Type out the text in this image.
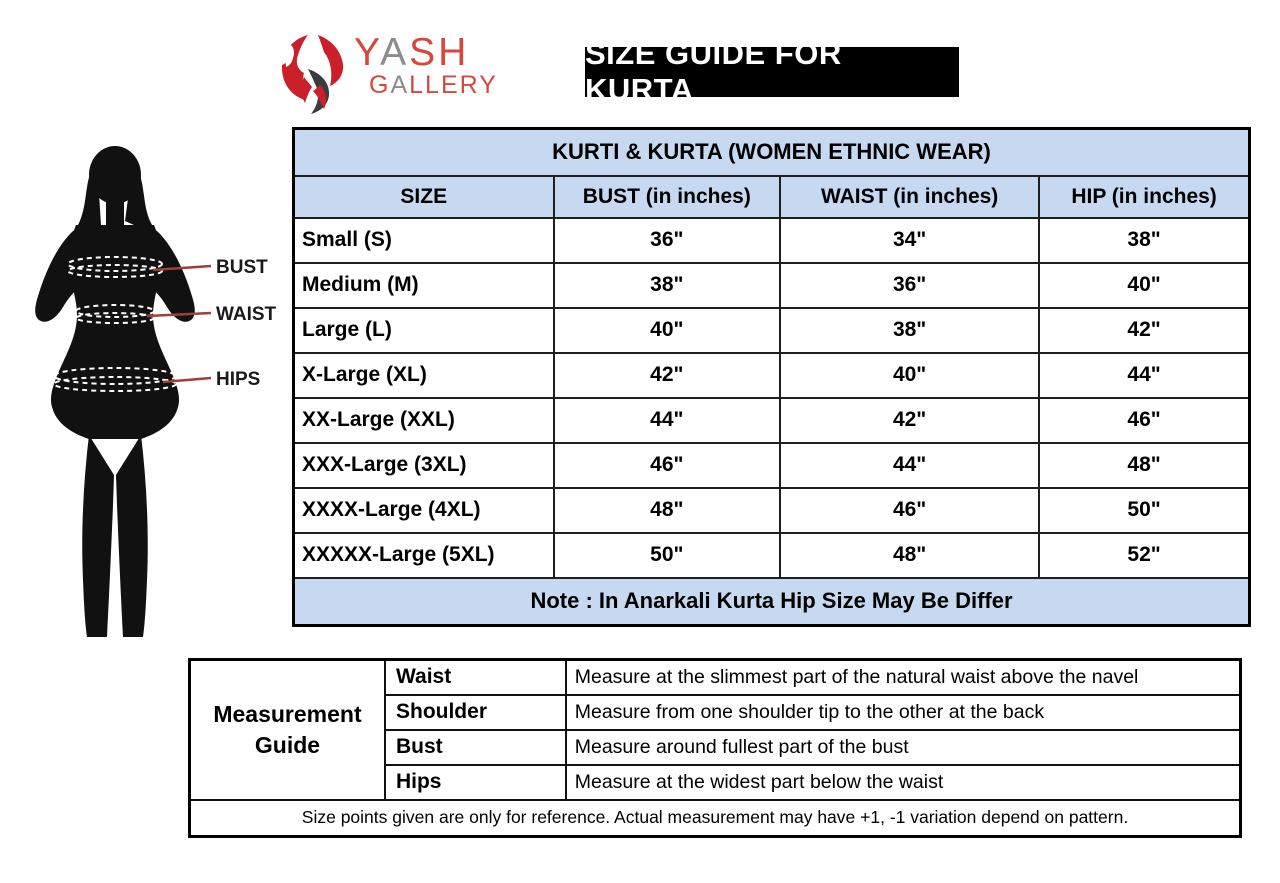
YASH
GALLERY
SIZE GUIDE FOR KURTA
BUST
WAIST
HIPS
KURTI & KURTA (WOMEN ETHNIC WEAR)			
SIZE	BUST (in inches)	WAIST (in inches)	HIP (in inches)
Small (S)	36"	34"	38"
Medium (M)	38"	36"	40"
Large (L)	40"	38"	42"
X-Large (XL)	42"	40"	44"
XX-Large (XXL)	44"	42"	46"
XXX-Large (3XL)	46"	44"	48"
XXXX-Large (4XL)	48"	46"	50"
XXXXX-Large (5XL)	50"	48"	52"
Note : In Anarkali Kurta Hip Size May Be Differ			
Measurement Guide	Waist	Measure at the slimmest part of the natural waist above the navel
	Shoulder	Measure from one shoulder tip to the other at the back
	Bust	Measure around fullest part of the bust
	Hips	Measure at the widest part below the waist
Size points given are only for reference. Actual measurement may have +1, -1 variation depend on pattern.		
